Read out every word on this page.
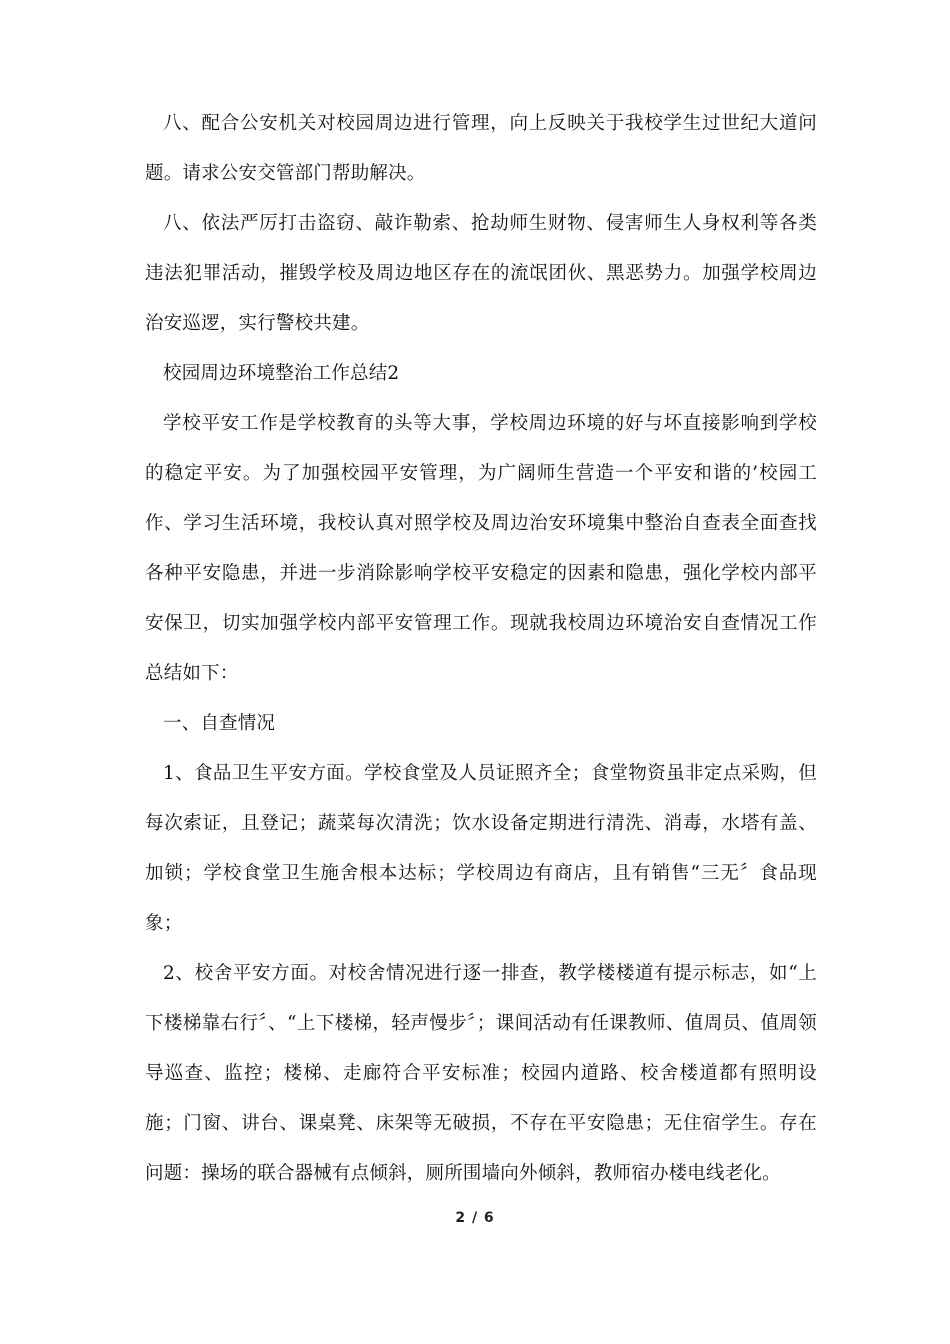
八、配合公安机关对校园周边进行管理，向上反映关于我校学生过世纪大道问题。请求公安交管部门帮助解决。

八、依法严厉打击盗窃、敲诈勒索、抢劫师生财物、侵害师生人身权利等各类违法犯罪活动，摧毁学校及周边地区存在的流氓团伙、黑恶势力。加强学校周边治安巡逻，实行警校共建。

校园周边环境整治工作总结2

学校平安工作是学校教育的头等大事，学校周边环境的好与坏直接影响到学校的稳定平安。为了加强校园平安管理，为广阔师生营造一个平安和谐的’校园工作、学习生活环境，我校认真对照学校及周边治安环境集中整治自查表全面查找各种平安隐患，并进一步消除影响学校平安稳定的因素和隐患，强化学校内部平安保卫，切实加强学校内部平安管理工作。现就我校周边环境治安自查情况工作总结如下：

一、自查情况

1、食品卫生平安方面。学校食堂及人员证照齐全；食堂物资虽非定点采购，但每次索证，且登记；蔬菜每次清洗；饮水设备定期进行清洗、消毒，水塔有盖、加锁；学校食堂卫生施舍根本达标；学校周边有商店，且有销售“三无〞食品现象；

2、校舍平安方面。对校舍情况进行逐一排查，教学楼楼道有提示标志，如“上下楼梯靠右行〞、“上下楼梯，轻声慢步〞；课间活动有任课教师、值周员、值周领导巡查、监控；楼梯、走廊符合平安标准；校园内道路、校舍楼道都有照明设施；门窗、讲台、课桌凳、床架等无破损，不存在平安隐患；无住宿学生。存在问题：操场的联合器械有点倾斜，厕所围墙向外倾斜，教师宿办楼电线老化。

2 / 6
